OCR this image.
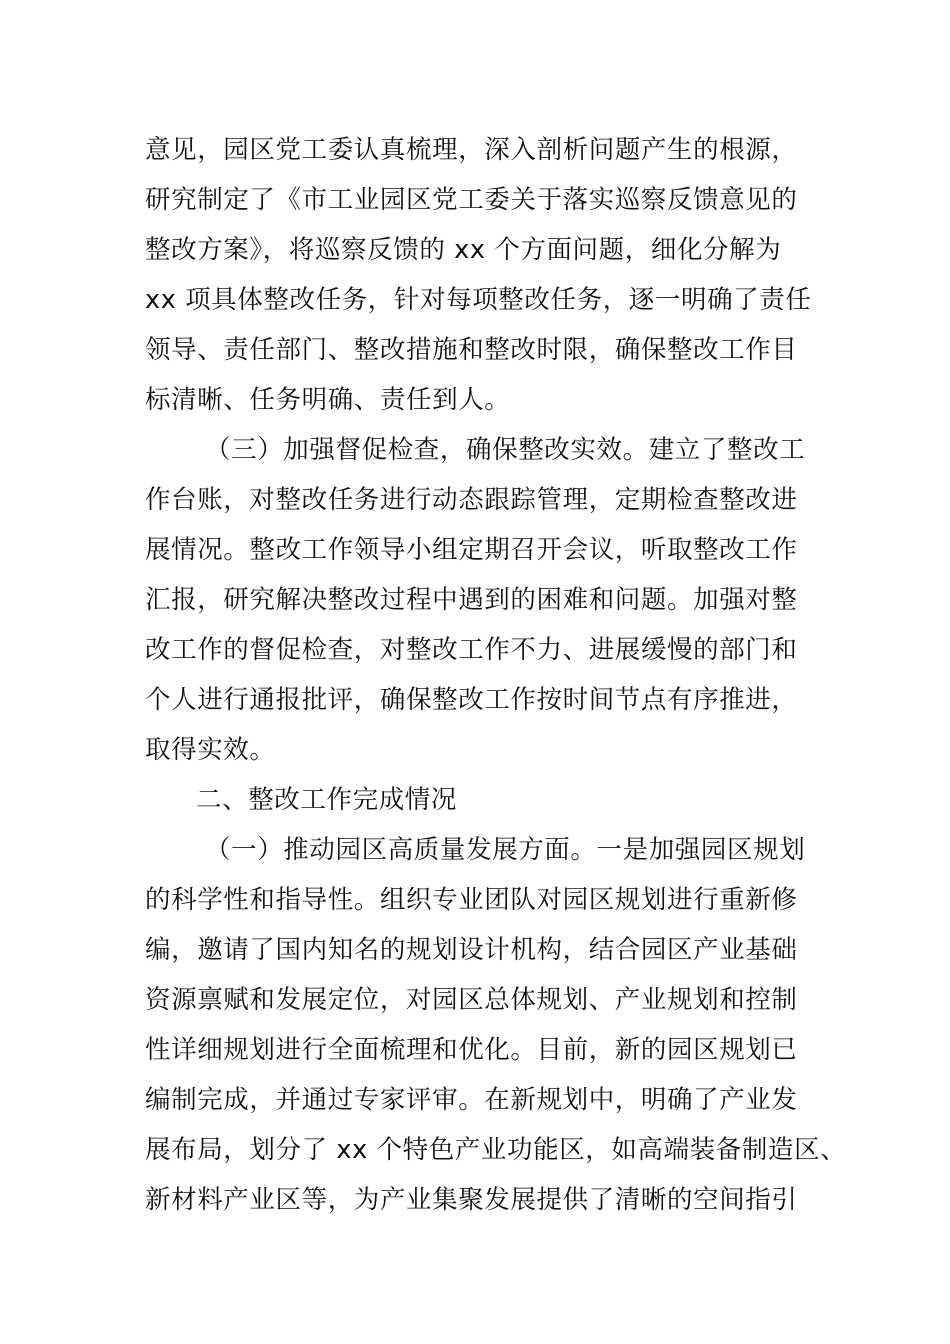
意见，园区党工委认真梳理，深入剖析问题产生的根源，
研究制定了《市工业园区党工委关于落实巡察反馈意见的
整改方案》，将巡察反馈的 xx 个方面问题，细化分解为
xx 项具体整改任务，针对每项整改任务，逐一明确了责任
领导、责任部门、整改措施和整改时限，确保整改工作目
标清晰、任务明确、责任到人。
（三）加强督促检查，确保整改实效。建立了整改工
作台账，对整改任务进行动态跟踪管理，定期检查整改进
展情况。整改工作领导小组定期召开会议，听取整改工作
汇报，研究解决整改过程中遇到的困难和问题。加强对整
改工作的督促检查，对整改工作不力、进展缓慢的部门和
个人进行通报批评，确保整改工作按时间节点有序推进，
取得实效。
二、整改工作完成情况
（一）推动园区高质量发展方面。一是加强园区规划
的科学性和指导性。组织专业团队对园区规划进行重新修
编，邀请了国内知名的规划设计机构，结合园区产业基础
资源禀赋和发展定位，对园区总体规划、产业规划和控制
性详细规划进行全面梳理和优化。目前，新的园区规划已
编制完成，并通过专家评审。在新规划中，明确了产业发
展布局，划分了 xx 个特色产业功能区，如高端装备制造区、
新材料产业区等，为产业集聚发展提供了清晰的空间指引
